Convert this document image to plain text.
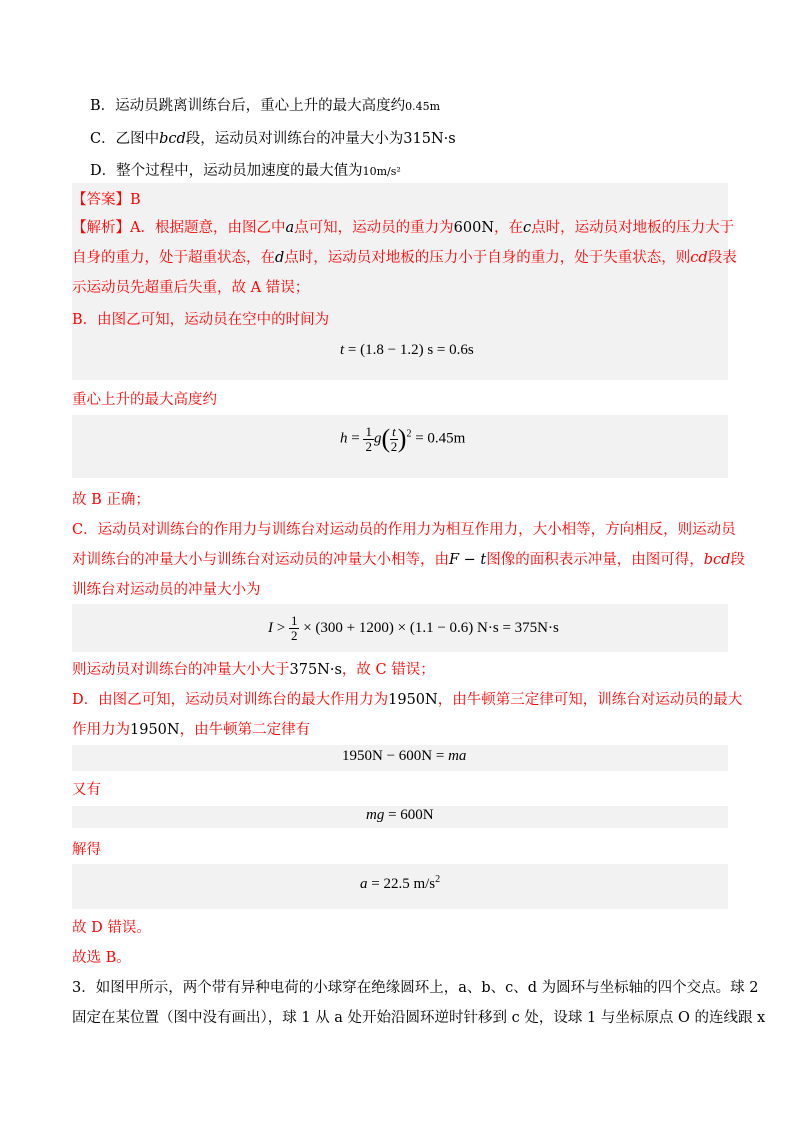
B．运动员跳离训练台后，重心上升的最大高度约0.45m
C．乙图中bcd段，运动员对训练台的冲量大小为315N·s
D．整个过程中，运动员加速度的最大值为10m/s²
【答案】B
【解析】A．根据题意，由图乙中a点可知，运动员的重力为600N，在c点时，运动员对地板的压力大于
自身的重力，处于超重状态，在d点时，运动员对地板的压力小于自身的重力，处于失重状态，则cd段表
示运动员先超重后失重，故 A 错误；
B．由图乙可知，运动员在空中的时间为
t = (1.8 − 1.2) s = 0.6s
重心上升的最大高度约
$h = \frac{1}{2} g( \frac{t}{2} )^2 = 0.45m$
故 B 正确；
C．运动员对训练台的作用力与训练台对运动员的作用力为相互作用力，大小相等，方向相反，则运动员
对训练台的冲量大小与训练台对运动员的冲量大小相等，由F − t图像的面积表示冲量，由图可得，bcd段
训练台对运动员的冲量大小为
$I > \frac{1}{2} \times (300 + 1200) \times (1.1 - 0.6) N\cdot s = 375N\cdot s$
则运动员对训练台的冲量大小大于375N·s，故 C 错误；
D．由图乙可知，运动员对训练台的最大作用力为1950N，由牛顿第三定律可知，训练台对运动员的最大
作用力为1950N，由牛顿第二定律有
1950N − 600N = ma
又有
mg = 600N
解得
a = 22.5 $m/s^2$
故 D 错误。
故选 B。
3．如图甲所示，两个带有异种电荷的小球穿在绝缘圆环上，a、b、c、d 为圆环与坐标轴的四个交点。球 2
固定在某位置（图中没有画出），球 1 从 a 处开始沿圆环逆时针移到 c 处，设球 1 与坐标原点 O 的连线跟 x
